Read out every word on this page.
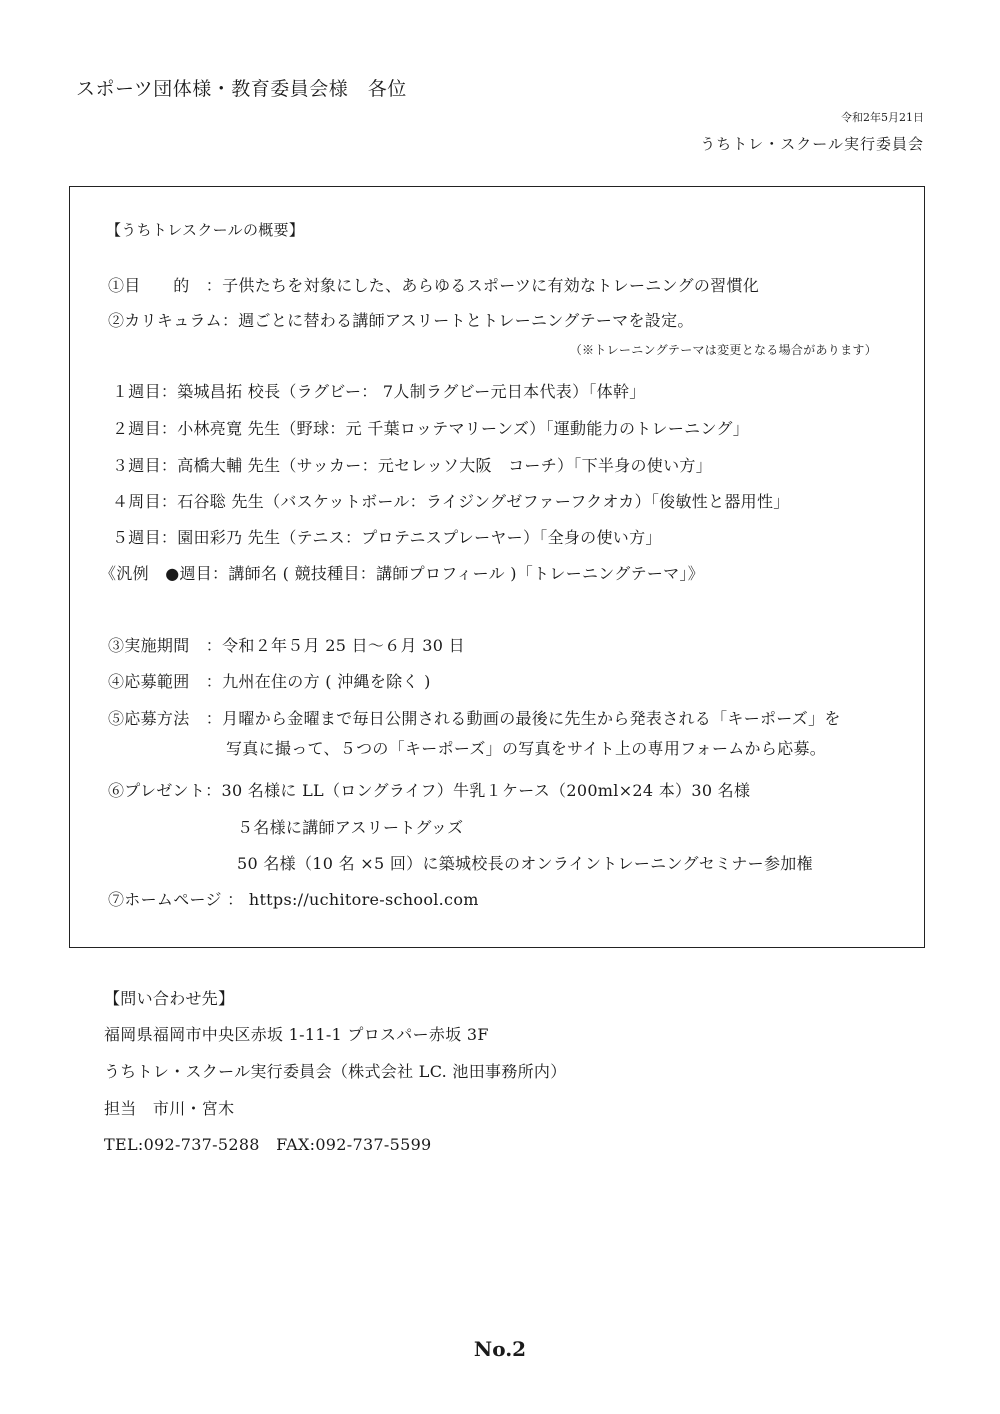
スポーツ団体様・教育委員会様　各位
令和2年5月21日
うちトレ・スクール実行委員会
【うちトレスクールの概要】
①目　　的　：子供たちを対象にした、あらゆるスポーツに有効なトレーニングの習慣化
②カリキュラム：週ごとに替わる講師アスリートとトレーニングテーマを設定。
（※トレーニングテーマは変更となる場合があります）
１週目：築城昌拓 校長（ラグビー： 7人制ラグビー元日本代表）「体幹」
２週目：小林亮寛 先生（野球：元 千葉ロッテマリーンズ）「運動能力のトレーニング」
３週目：高橋大輔 先生（サッカー：元セレッソ大阪　コーチ）「下半身の使い方」
４周目：石谷聡 先生（バスケットボール：ライジングゼファーフクオカ）「俊敏性と器用性」
５週目：園田彩乃 先生（テニス：プロテニスプレーヤー）「全身の使い方」
《汎例　●週目：講師名 ( 競技種目：講師プロフィール )「トレーニングテーマ」》
③実施期間　：令和２年５月 25 日～６月 30 日
④応募範囲　：九州在住の方 ( 沖縄を除く )
⑤応募方法　：月曜から金曜まで毎日公開される動画の最後に先生から発表される「キーポーズ」を
写真に撮って、５つの「キーポーズ」の写真をサイト上の専用フォームから応募。
⑥プレゼント：30 名様に LL（ロングライフ）牛乳１ケース（200ml×24 本）30 名様
５名様に講師アスリートグッズ
50 名様（10 名 ×5 回）に築城校長のオンライントレーニングセミナー参加権
⑦ホームページ ： https://uchitore-school.com
【問い合わせ先】
福岡県福岡市中央区赤坂 1-11-1 プロスパー赤坂 3F
うちトレ・スクール実行委員会（株式会社 LC. 池田事務所内）
担当　市川・宮木
TEL:092-737-5288　FAX:092-737-5599
No.2
